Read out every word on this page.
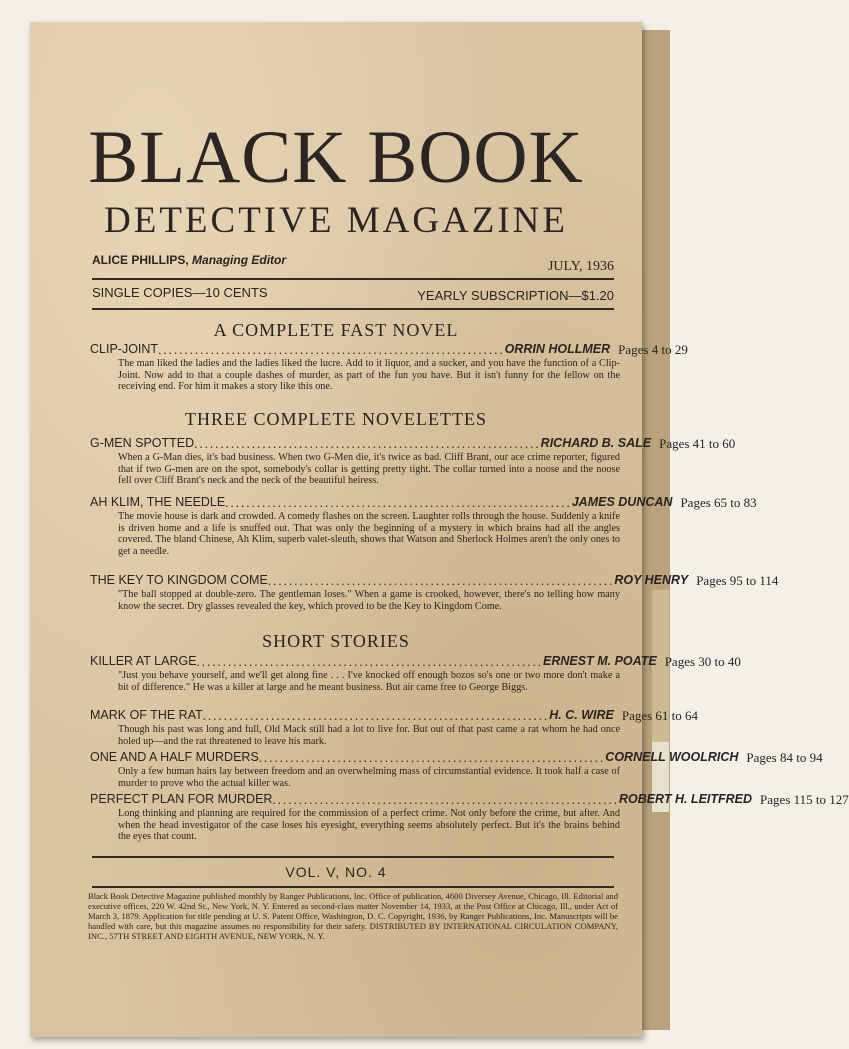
BLACK BOOK
DETECTIVE MAGAZINE
ALICE PHILLIPS, Managing Editor	JULY, 1936
SINGLE COPIES—10 CENTS	YEARLY SUBSCRIPTION—$1.20
A COMPLETE FAST NOVEL
CLIP-JOINT .................................................................. ORRIN HOLLMER Pages 4 to 29
The man liked the ladies and the ladies liked the lucre. Add to it liquor, and a sucker, and you have the function of a Clip-Joint. Now add to that a couple dashes of murder, as part of the fun you have. But it isn't funny for the fellow on the receiving end. For him it makes a story like this one.
THREE COMPLETE NOVELETTES
G-MEN SPOTTED .................................................................. RICHARD B. SALE Pages 41 to 60
When a G-Man dies, it's bad business. When two G-Men die, it's twice as bad. Cliff Brant, our ace crime reporter, figured that if two G-men are on the spot, somebody's collar is getting pretty tight. The collar turned into a noose and the noose fell over Cliff Brant's neck and the neck of the beautiful heiress.
AH KLIM, THE NEEDLE .................................................................. JAMES DUNCAN Pages 65 to 83
The movie house is dark and crowded. A comedy flashes on the screen. Laughter rolls through the house. Suddenly a knife is driven home and a life is snuffed out. That was only the beginning of a mystery in which brains had all the angles covered. The bland Chinese, Ah Klim, superb valet-sleuth, shows that Watson and Sherlock Holmes aren't the only ones to get a needle.
THE KEY TO KINGDOM COME .................................................................. ROY HENRY Pages 95 to 114
"The ball stopped at double-zero. The gentleman loses." When a game is crooked, however, there's no telling how many know the secret. Dry glasses revealed the key, which proved to be the Key to Kingdom Come.
SHORT STORIES
KILLER AT LARGE .................................................................. ERNEST M. POATE Pages 30 to 40
"Just you behave yourself, and we'll get along fine . . . I've knocked off enough bozos so's one or two more don't make a bit of difference." He was a killer at large and he meant business. But air came free to George Biggs.
MARK OF THE RAT .................................................................. H. C. WIRE Pages 61 to 64
Though his past was long and full, Old Mack still had a lot to live for. But out of that past came a rat whom he had once holed up—and the rat threatened to leave his mark.
ONE AND A HALF MURDERS .................................................................. CORNELL WOOLRICH Pages 84 to 94
Only a few human hairs lay between freedom and an overwhelming mass of circumstantial evidence. It took half a case of murder to prove who the actual killer was.
PERFECT PLAN FOR MURDER .................................................................. ROBERT H. LEITFRED Pages 115 to 127
Long thinking and planning are required for the commission of a perfect crime. Not only before the crime, but after. And when the head investigator of the case loses his eyesight, everything seems absolutely perfect. But it's the brains behind the eyes that count.
VOL. V, NO. 4
Black Book Detective Magazine published monthly by Ranger Publications, Inc. Office of publication, 4600 Diversey Avenue, Chicago, Ill. Editorial and executive offices, 220 W. 42nd St., New York, N. Y. Entered as second-class matter November 14, 1933, at the Post Office at Chicago, Ill., under Act of March 3, 1879. Application for title pending at U. S. Patent Office, Washington, D. C. Copyright, 1936, by Ranger Publications, Inc. Manuscripts will be handled with care, but this magazine assumes no responsibility for their safety. DISTRIBUTED BY INTERNATIONAL CIRCULATION COMPANY, INC., 57TH STREET AND EIGHTH AVENUE, NEW YORK, N. Y.
